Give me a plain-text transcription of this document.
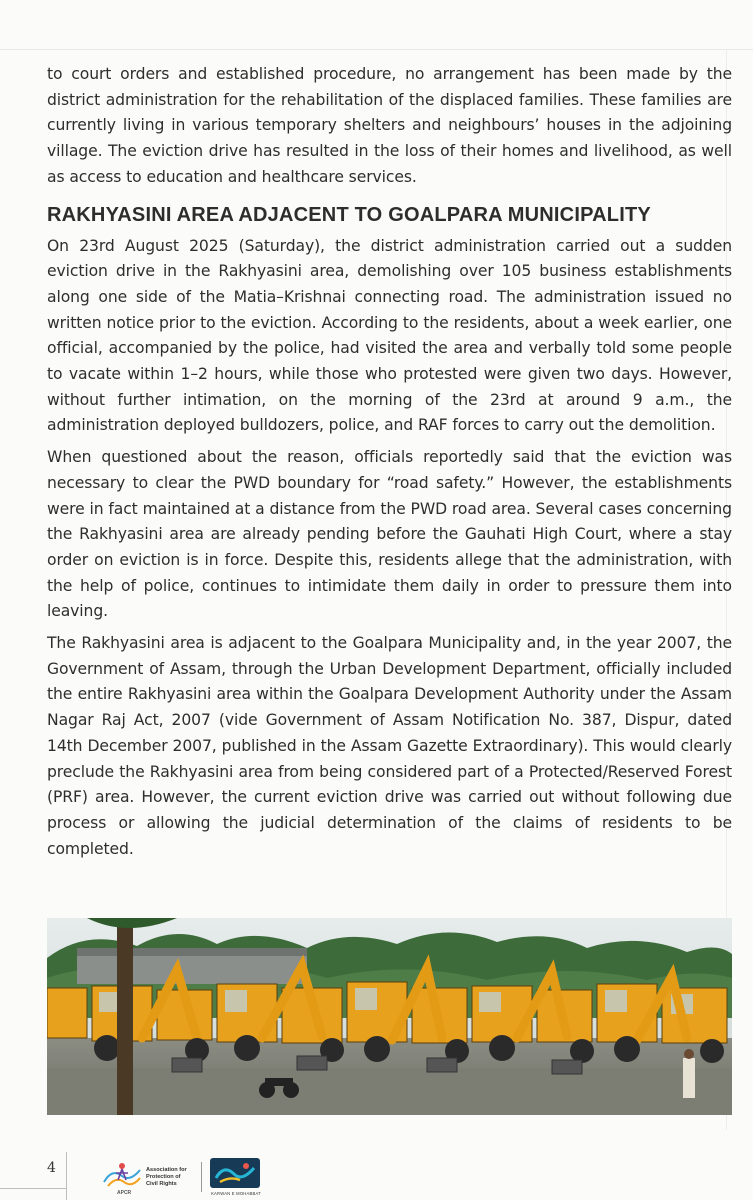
to court orders and established procedure, no arrangement has been made by the district administration for the rehabilitation of the displaced families. These families are currently living in various temporary shelters and neighbours’ houses in the adjoining village. The eviction drive has resulted in the loss of their homes and livelihood, as well as access to education and healthcare services.

RAKHYASINI AREA ADJACENT TO GOALPARA MUNICIPALITY

On 23rd August 2025 (Saturday), the district administration carried out a sudden eviction drive in the Rakhyasini area, demolishing over 105 business establishments along one side of the Matia–Krishnai connecting road. The administration issued no written notice prior to the eviction. According to the residents, about a week earlier, one official, accompanied by the police, had visited the area and verbally told some people to vacate within 1–2 hours, while those who protested were given two days. However, without further intimation, on the morning of the 23rd at around 9 a.m., the administration deployed bulldozers, police, and RAF forces to carry out the demolition.

When questioned about the reason, officials reportedly said that the eviction was necessary to clear the PWD boundary for “road safety.” However, the establishments were in fact maintained at a distance from the PWD road area. Several cases concerning the Rakhyasini area are already pending before the Gauhati High Court, where a stay order on eviction is in force. Despite this, residents allege that the administration, with the help of police, continues to intimidate them daily in order to pressure them into leaving.

The Rakhyasini area is adjacent to the Goalpara Municipality and, in the year 2007, the Government of Assam, through the Urban Development Department, officially included the entire Rakhyasini area within the Goalpara Development Authority under the Assam Nagar Raj Act, 2007 (vide Government of Assam Notification No. 387, Dispur, dated 14th December 2007, published in the Assam Gazette Extraordinary). This would clearly preclude the Rakhyasini area from being considered part of a Protected/Reserved Forest (PRF) area. However, the current eviction drive was carried out without following due process or allowing the judicial determination of the claims of residents to be completed.

4
APCR
Association for
Protection of
Civil Rights
KARWAN E MOHABBAT
